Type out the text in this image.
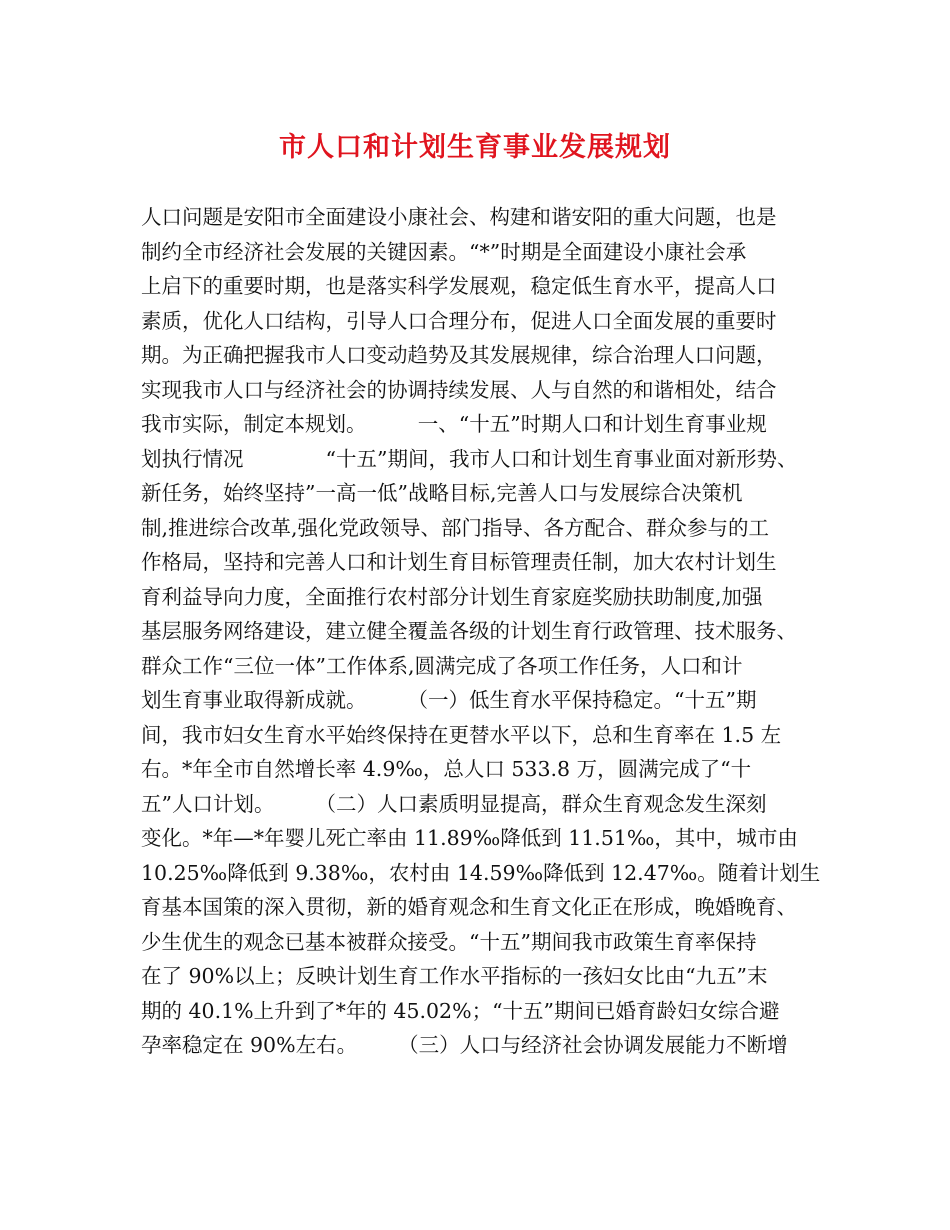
市人口和计划生育事业发展规划
人口问题是安阳市全面建设小康社会、构建和谐安阳的重大问题，也是
制约全市经济社会发展的关键因素。“*”时期是全面建设小康社会承
上启下的重要时期，也是落实科学发展观，稳定低生育水平，提高人口
素质，优化人口结构，引导人口合理分布，促进人口全面发展的重要时
期。为正确把握我市人口变动趋势及其发展规律，综合治理人口问题，
实现我市人口与经济社会的协调持续发展、人与自然的和谐相处，结合
我市实际，制定本规划。　　　一、“十五”时期人口和计划生育事业规
划执行情况　　　　“十五”期间，我市人口和计划生育事业面对新形势、
新任务，始终坚持”一高一低”战略目标,完善人口与发展综合决策机
制,推进综合改革,强化党政领导、部门指导、各方配合、群众参与的工
作格局，坚持和完善人口和计划生育目标管理责任制，加大农村计划生
育利益导向力度，全面推行农村部分计划生育家庭奖励扶助制度,加强
基层服务网络建设，建立健全覆盖各级的计划生育行政管理、技术服务、
群众工作“三位一体”工作体系,圆满完成了各项工作任务，人口和计
划生育事业取得新成就。　　　（一）低生育水平保持稳定。“十五”期
间，我市妇女生育水平始终保持在更替水平以下，总和生育率在 1.5 左
右。*年全市自然增长率 4.9‰，总人口 533.8 万，圆满完成了“十
五”人口计划。　　　（二）人口素质明显提高，群众生育观念发生深刻
变化。*年—*年婴儿死亡率由 11.89‰降低到 11.51‰，其中，城市由
10.25‰降低到 9.38‰，农村由 14.59‰降低到 12.47‰。随着计划生
育基本国策的深入贯彻，新的婚育观念和生育文化正在形成，晚婚晚育、
少生优生的观念已基本被群众接受。“十五”期间我市政策生育率保持
在了 90%以上；反映计划生育工作水平指标的一孩妇女比由“九五”末
期的 40.1%上升到了*年的 45.02%；“十五”期间已婚育龄妇女综合避
孕率稳定在 90%左右。　　　（三）人口与经济社会协调发展能力不断增
